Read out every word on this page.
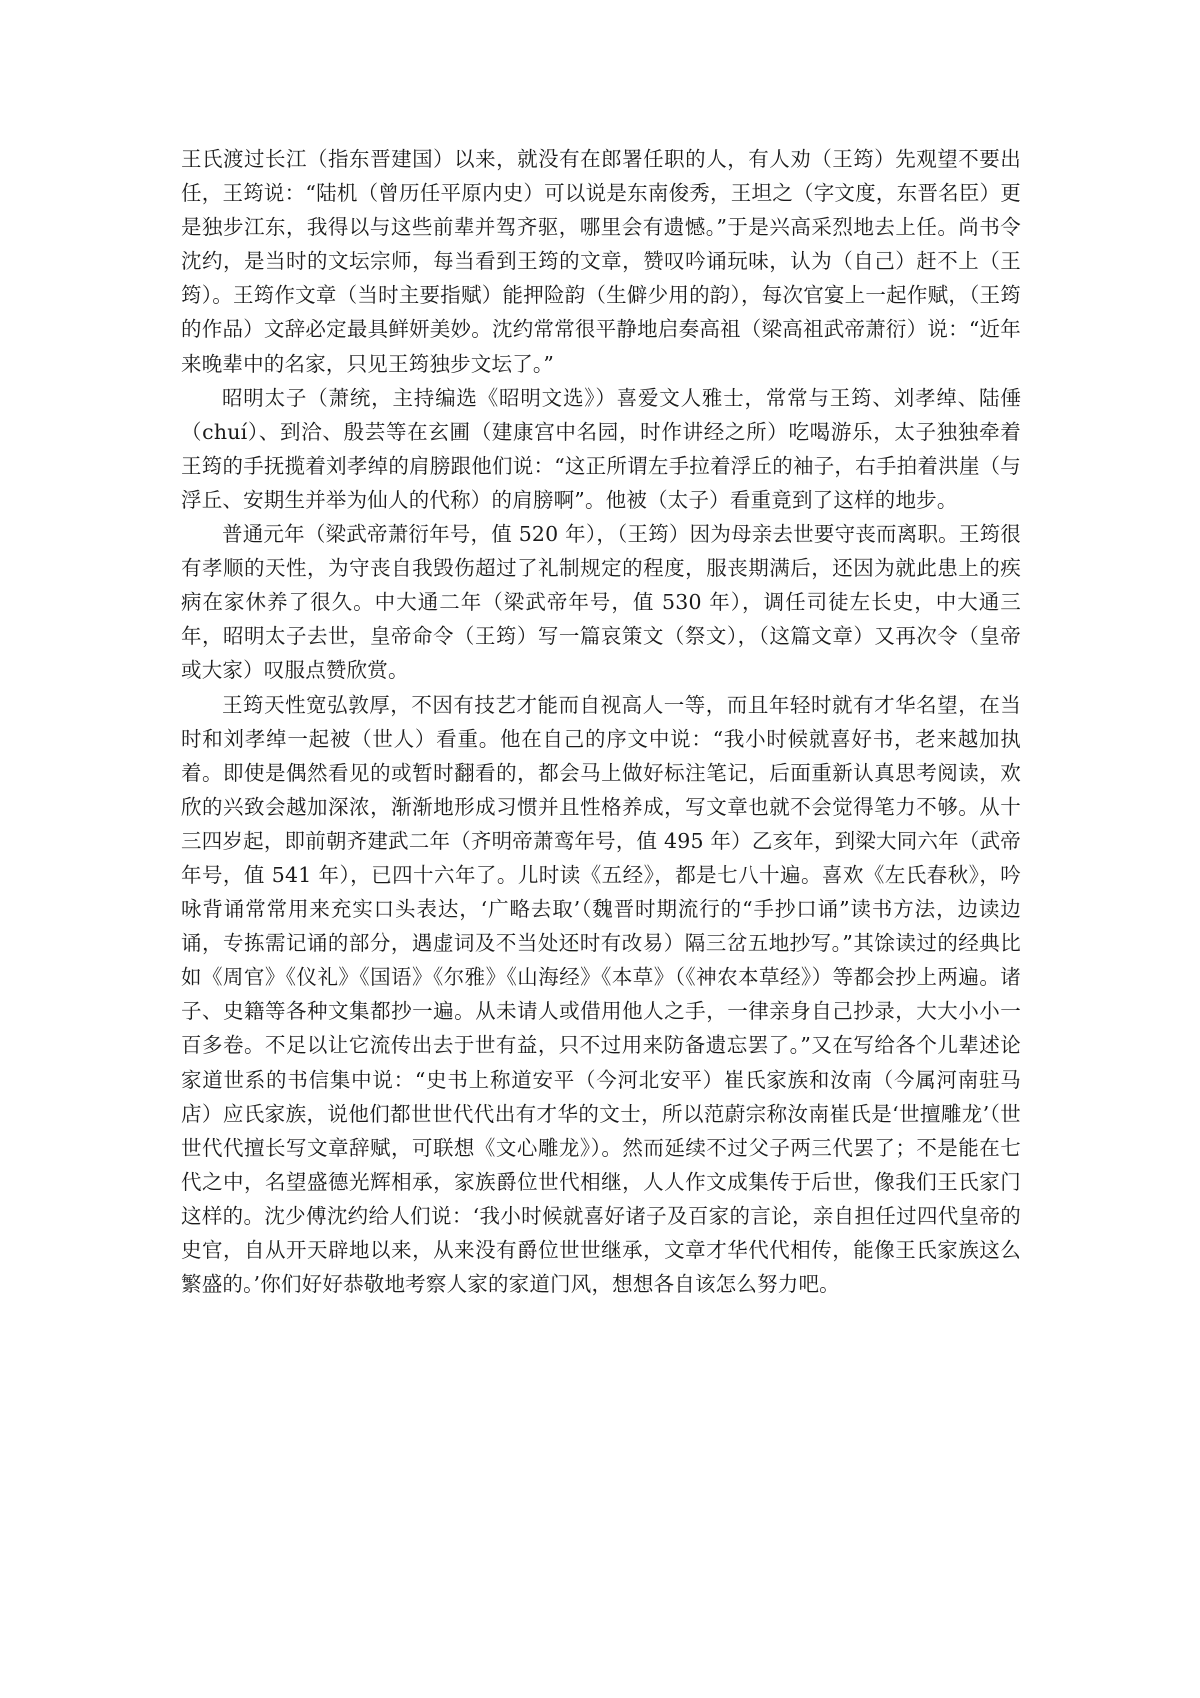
王氏渡过长江（指东晋建国）以来，就没有在郎署任职的人，有人劝（王筠）先观望不要出任，王筠说：“陆机（曾历任平原内史）可以说是东南俊秀，王坦之（字文度，东晋名臣）更是独步江东，我得以与这些前辈并驾齐驱，哪里会有遗憾。”于是兴高采烈地去上任。尚书令沈约，是当时的文坛宗师，每当看到王筠的文章，赞叹吟诵玩味，认为（自己）赶不上（王筠）。王筠作文章（当时主要指赋）能押险韵（生僻少用的韵），每次官宴上一起作赋，（王筠的作品）文辞必定最具鲜妍美妙。沈约常常很平静地启奏高祖（梁高祖武帝萧衍）说：“近年来晚辈中的名家，只见王筠独步文坛了。”

昭明太子（萧统，主持编选《昭明文选》）喜爱文人雅士，常常与王筠、刘孝绰、陆倕（chuí）、到洽、殷芸等在玄圃（建康宫中名园，时作讲经之所）吃喝游乐，太子独独牵着王筠的手抚揽着刘孝绰的肩膀跟他们说：“这正所谓左手拉着浮丘的袖子，右手拍着洪崖（与浮丘、安期生并举为仙人的代称）的肩膀啊”。他被（太子）看重竟到了这样的地步。

普通元年（梁武帝萧衍年号，值 520 年），（王筠）因为母亲去世要守丧而离职。王筠很有孝顺的天性，为守丧自我毁伤超过了礼制规定的程度，服丧期满后，还因为就此患上的疾病在家休养了很久。中大通二年（梁武帝年号，值 530 年），调任司徒左长史，中大通三年，昭明太子去世，皇帝命令（王筠）写一篇哀策文（祭文），（这篇文章）又再次令（皇帝或大家）叹服点赞欣赏。

王筠天性宽弘敦厚，不因有技艺才能而自视高人一等，而且年轻时就有才华名望，在当时和刘孝绰一起被（世人）看重。他在自己的序文中说：“我小时候就喜好书，老来越加执着。即使是偶然看见的或暂时翻看的，都会马上做好标注笔记，后面重新认真思考阅读，欢欣的兴致会越加深浓，渐渐地形成习惯并且性格养成，写文章也就不会觉得笔力不够。从十三四岁起，即前朝齐建武二年（齐明帝萧鸾年号，值 495 年）乙亥年，到梁大同六年（武帝年号，值 541 年），已四十六年了。儿时读《五经》，都是七八十遍。喜欢《左氏春秋》，吟咏背诵常常用来充实口头表达，‘广略去取’（魏晋时期流行的“手抄口诵”读书方法，边读边诵，专拣需记诵的部分，遇虚词及不当处还时有改易）隔三岔五地抄写。”其馀读过的经典比如《周官》《仪礼》《国语》《尔雅》《山海经》《本草》（《神农本草经》）等都会抄上两遍。诸子、史籍等各种文集都抄一遍。从未请人或借用他人之手，一律亲身自己抄录，大大小小一百多卷。不足以让它流传出去于世有益，只不过用来防备遗忘罢了。”又在写给各个儿辈述论家道世系的书信集中说：“史书上称道安平（今河北安平）崔氏家族和汝南（今属河南驻马店）应氏家族，说他们都世世代代出有才华的文士，所以范蔚宗称汝南崔氏是‘世擅雕龙’（世世代代擅长写文章辞赋，可联想《文心雕龙》）。然而延续不过父子两三代罢了；不是能在七代之中，名望盛德光辉相承，家族爵位世代相继，人人作文成集传于后世，像我们王氏家门这样的。沈少傅沈约给人们说：‘我小时候就喜好诸子及百家的言论，亲自担任过四代皇帝的史官，自从开天辟地以来，从来没有爵位世世继承，文章才华代代相传，能像王氏家族这么繁盛的。’你们好好恭敬地考察人家的家道门风，想想各自该怎么努力吧。
